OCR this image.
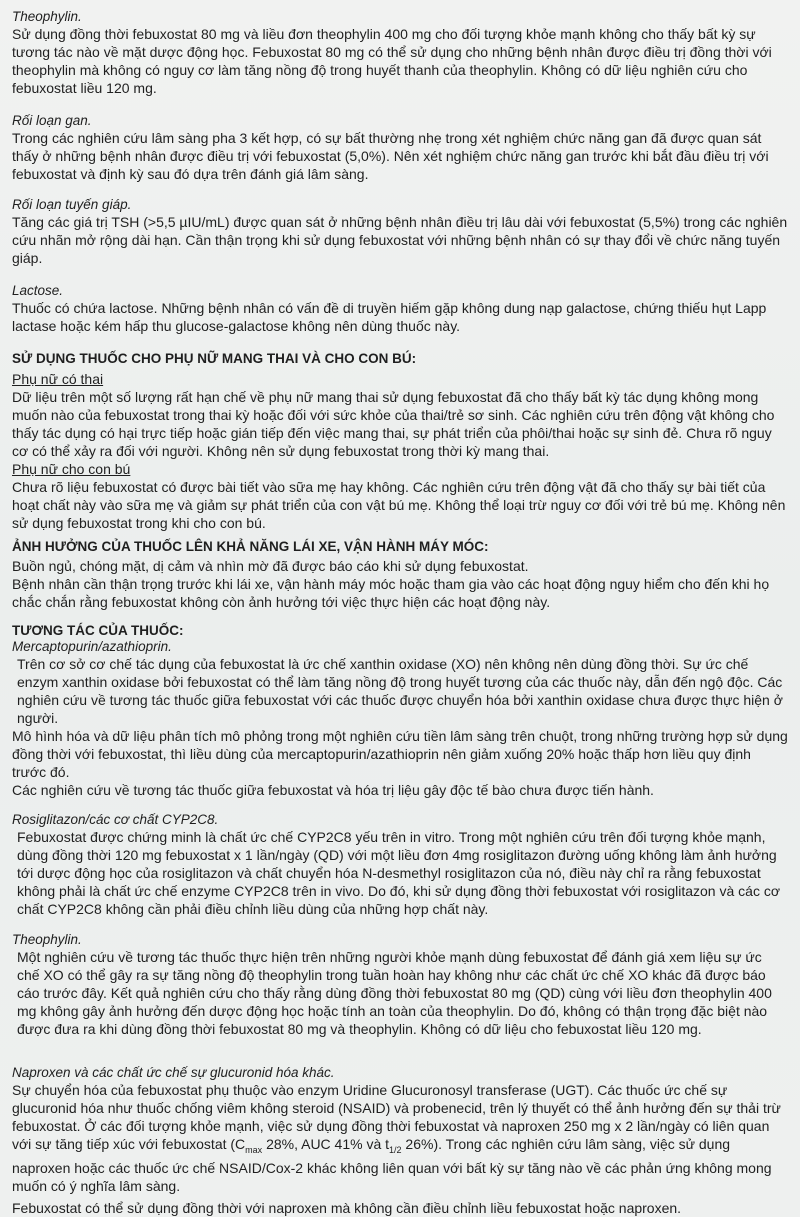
Theophylin.
Sử dụng đồng thời febuxostat 80 mg và liều đơn theophylin 400 mg cho đối tượng khỏe mạnh không cho thấy bất kỳ sự tương tác nào về mặt dược động học. Febuxostat 80 mg có thể sử dụng cho những bệnh nhân được điều trị đồng thời với theophylin mà không có nguy cơ làm tăng nồng độ trong huyết thanh của theophylin. Không có dữ liệu nghiên cứu cho febuxostat liều 120 mg.
Rối loạn gan.
Trong các nghiên cứu lâm sàng pha 3 kết hợp, có sự bất thường nhẹ trong xét nghiệm chức năng gan đã được quan sát thấy ở những bệnh nhân được điều trị với febuxostat (5,0%). Nên xét nghiệm chức năng gan trước khi bắt đầu điều trị với febuxostat và định kỳ sau đó dựa trên đánh giá lâm sàng.
Rối loạn tuyến giáp.
Tăng các giá trị TSH (>5,5 µIU/mL) được quan sát ở những bệnh nhân điều trị lâu dài với febuxostat (5,5%) trong các nghiên cứu nhãn mở rộng dài hạn. Cần thận trọng khi sử dụng febuxostat với những bệnh nhân có sự thay đổi về chức năng tuyến giáp.
Lactose.
Thuốc có chứa lactose. Những bệnh nhân có vấn đề di truyền hiếm gặp không dung nạp galactose, chứng thiếu hụt Lapp lactase hoặc kém hấp thu glucose-galactose không nên dùng thuốc này.
SỬ DỤNG THUỐC CHO PHỤ NỮ MANG THAI VÀ CHO CON BÚ:
Phụ nữ có thai
Dữ liệu trên một số lượng rất hạn chế về phụ nữ mang thai sử dụng febuxostat đã cho thấy bất kỳ tác dụng không mong muốn nào của febuxostat trong thai kỳ hoặc đối với sức khỏe của thai/trẻ sơ sinh. Các nghiên cứu trên động vật không cho thấy tác dụng có hại trực tiếp hoặc gián tiếp đến việc mang thai, sự phát triển của phôi/thai hoặc sự sinh đẻ. Chưa rõ nguy cơ có thể xảy ra đối với người. Không nên sử dụng febuxostat trong thời kỳ mang thai.
Phụ nữ cho con bú
Chưa rõ liệu febuxostat có được bài tiết vào sữa mẹ hay không. Các nghiên cứu trên động vật đã cho thấy sự bài tiết của hoạt chất này vào sữa mẹ và giảm sự phát triển của con vật bú mẹ. Không thể loại trừ nguy cơ đối với trẻ bú mẹ. Không nên sử dụng febuxostat trong khi cho con bú.
ẢNH HƯỞNG CỦA THUỐC LÊN KHẢ NĂNG LÁI XE, VẬN HÀNH MÁY MÓC:
Buồn ngủ, chóng mặt, dị cảm và nhìn mờ đã được báo cáo khi sử dụng febuxostat.
Bệnh nhân cần thận trọng trước khi lái xe, vận hành máy móc hoặc tham gia vào các hoạt động nguy hiểm cho đến khi họ chắc chắn rằng febuxostat không còn ảnh hưởng tới việc thực hiện các hoạt động này.
TƯƠNG TÁC CỦA THUỐC:
Mercaptopurin/azathioprin.
Trên cơ sở cơ chế tác dụng của febuxostat là ức chế xanthin oxidase (XO) nên không nên dùng đồng thời. Sự ức chế enzym xanthin oxidase bởi febuxostat có thể làm tăng nồng độ trong huyết tương của các thuốc này, dẫn đến ngộ độc. Các nghiên cứu về tương tác thuốc giữa febuxostat với các thuốc được chuyển hóa bởi xanthin oxidase chưa được thực hiện ở người.
Mô hình hóa và dữ liệu phân tích mô phỏng trong một nghiên cứu tiền lâm sàng trên chuột, trong những trường hợp sử dụng đồng thời với febuxostat, thì liều dùng của mercaptopurin/azathioprin nên giảm xuống 20% hoặc thấp hơn liều quy định trước đó.
Các nghiên cứu về tương tác thuốc giữa febuxostat và hóa trị liệu gây độc tế bào chưa được tiến hành.
Rosiglitazon/các cơ chất CYP2C8.
Febuxostat được chứng minh là chất ức chế CYP2C8 yếu trên in vitro. Trong một nghiên cứu trên đối tượng khỏe mạnh, dùng đồng thời 120 mg febuxostat x 1 lần/ngày (QD) với một liều đơn 4mg rosiglitazon đường uống không làm ảnh hưởng tới dược động học của rosiglitazon và chất chuyển hóa N-desmethyl rosiglitazon của nó, điều này chỉ ra rằng febuxostat không phải là chất ức chế enzyme CYP2C8 trên in vivo. Do đó, khi sử dụng đồng thời febuxostat với rosiglitazon và các cơ chất CYP2C8 không cần phải điều chỉnh liều dùng của những hợp chất này.
Theophylin.
Một nghiên cứu về tương tác thuốc thực hiện trên những người khỏe mạnh dùng febuxostat để đánh giá xem liệu sự ức chế XO có thể gây ra sự tăng nồng độ theophylin trong tuần hoàn hay không như các chất ức chế XO khác đã được báo cáo trước đây. Kết quả nghiên cứu cho thấy rằng dùng đồng thời febuxostat 80 mg (QD) cùng với liều đơn theophylin 400 mg không gây ảnh hưởng đến dược động học hoặc tính an toàn của theophylin. Do đó, không có thận trọng đặc biệt nào được đưa ra khi dùng đồng thời febuxostat 80 mg và theophylin. Không có dữ liệu cho febuxostat liều 120 mg.
Naproxen và các chất ức chế sự glucuronid hóa khác.
Sự chuyển hóa của febuxostat phụ thuộc vào enzym Uridine Glucuronosyl transferase (UGT). Các thuốc ức chế sự glucuronid hóa như thuốc chống viêm không steroid (NSAID) và probenecid, trên lý thuyết có thể ảnh hưởng đến sự thải trừ febuxostat. Ở các đối tượng khỏe mạnh, việc sử dụng đồng thời febuxostat và naproxen 250 mg x 2 lần/ngày có liên quan với sự tăng tiếp xúc với febuxostat ($C_{max}$ 28%, AUC 41% và $t_{1/2}$ 26%). Trong các nghiên cứu lâm sàng, việc sử dụng naproxen hoặc các thuốc ức chế NSAID/Cox-2 khác không liên quan với bất kỳ sự tăng nào về các phản ứng không mong muốn có ý nghĩa lâm sàng.
Febuxostat có thể sử dụng đồng thời với naproxen mà không cần điều chỉnh liều febuxostat hoặc naproxen.
